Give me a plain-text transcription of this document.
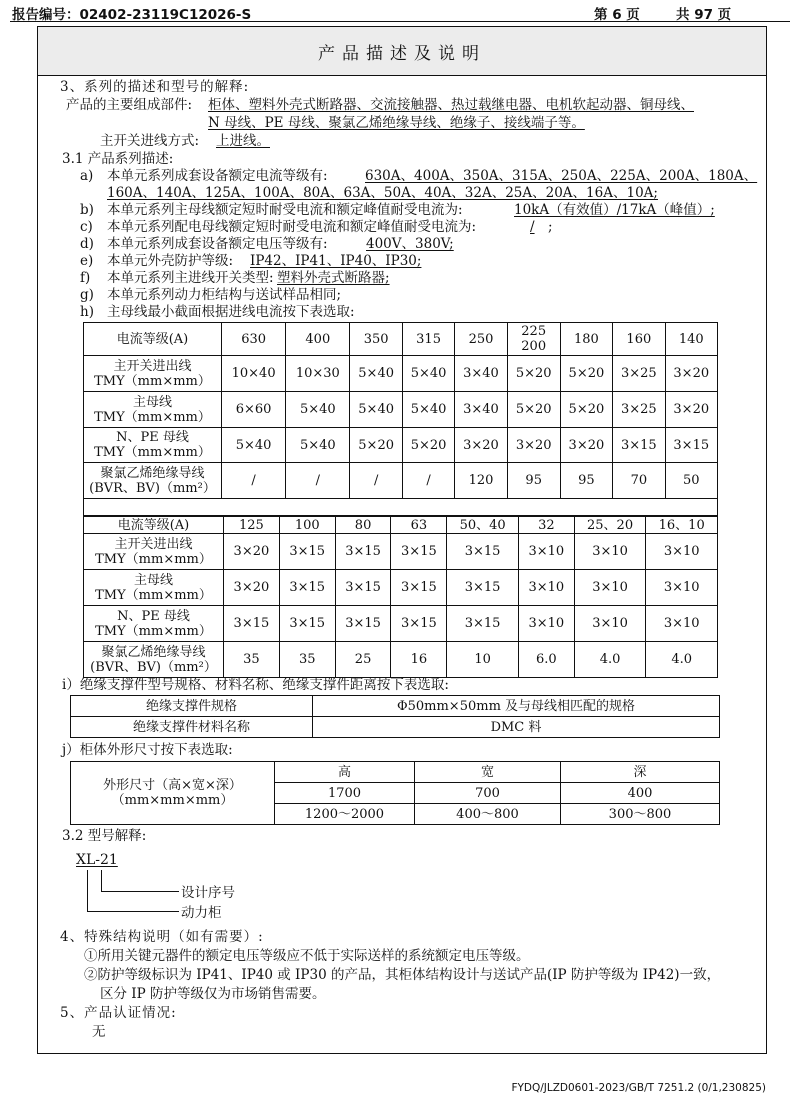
报告编号：02402-23119C12026-S	第 6 页	共 97 页
产品描述及说明
3、系列的描述和型号的解释:
产品的主要组成部件: 柜体、塑料外壳式断路器、交流接触器、热过载继电器、电机软起动器、铜母线、
N 母线、PE 母线、聚氯乙烯绝缘导线、绝缘子、接线端子等。
主开关进线方式: 上进线。
3.1 产品系列描述:
a) 本单元系列成套设备额定电流等级有:	630A、400A、350A、315A、250A、225A、200A、180A、
160A、140A、125A、100A、80A、63A、50A、40A、32A、25A、20A、16A、10A;
b) 本单元系列主母线额定短时耐受电流和额定峰值耐受电流为:	10kA（有效值）/17kA（峰值）;
c) 本单元系列配电母线额定短时耐受电流和额定峰值耐受电流为:	/ ;
d) 本单元系列成套设备额定电压等级有:	400V、380V;
e) 本单元外壳防护等级: IP42、IP41、IP40、IP30;
f) 本单元系列主进线开关类型: 塑料外壳式断路器;
g) 本单元系列动力柜结构与送试样品相同;
h) 主母线最小截面根据进线电流按下表选取:
电流等级(A)	630	400	350	315	250	225 200	180	160	140
主开关进出线
TMY（mm×mm）	10×40	10×30	5×40	5×40	3×40	5×20	5×20	3×25	3×20
主母线
TMY（mm×mm）	6×60	5×40	5×40	5×40	3×40	5×20	5×20	3×25	3×20
N、PE 母线
TMY（mm×mm）	5×40	5×40	5×20	5×20	3×20	3×20	3×20	3×15	3×15
聚氯乙烯绝缘导线
(BVR、BV)（mm²）	/	/	/	/	120	95	95	70	50

电流等级(A)	125	100	80	63	50、40	32	25、20	16、10
主开关进出线
TMY（mm×mm）	3×20	3×15	3×15	3×15	3×15	3×10	3×10	3×10
主母线
TMY（mm×mm）	3×20	3×15	3×15	3×15	3×15	3×10	3×10	3×10
N、PE 母线
TMY（mm×mm）	3×15	3×15	3×15	3×15	3×15	3×10	3×10	3×10
聚氯乙烯绝缘导线
(BVR、BV)（mm²）	35	35	25	16	10	6.0	4.0	4.0
i）绝缘支撑件型号规格、材料名称、绝缘支撑件距离按下表选取:
绝缘支撑件规格	Φ50mm×50mm 及与母线相匹配的规格
绝缘支撑件材料名称	DMC 料
j）柜体外形尺寸按下表选取:
外形尺寸（高×宽×深）
（mm×mm×mm）	高	宽	深
	1700	700	400
	1200～2000	400～800	300～800
3.2 型号解释:
XL-21
设计序号
动力柜
4、特殊结构说明（如有需要）:
①所用关键元器件的额定电压等级应不低于实际送样的系统额定电压等级。
②防护等级标识为 IP41、IP40 或 IP30 的产品，其柜体结构设计与送试产品(IP 防护等级为 IP42)一致，
区分 IP 防护等级仅为市场销售需要。
5、产品认证情况:
无
FYDQ/JLZD0601-2023/GB/T 7251.2 (0/1,230825)
